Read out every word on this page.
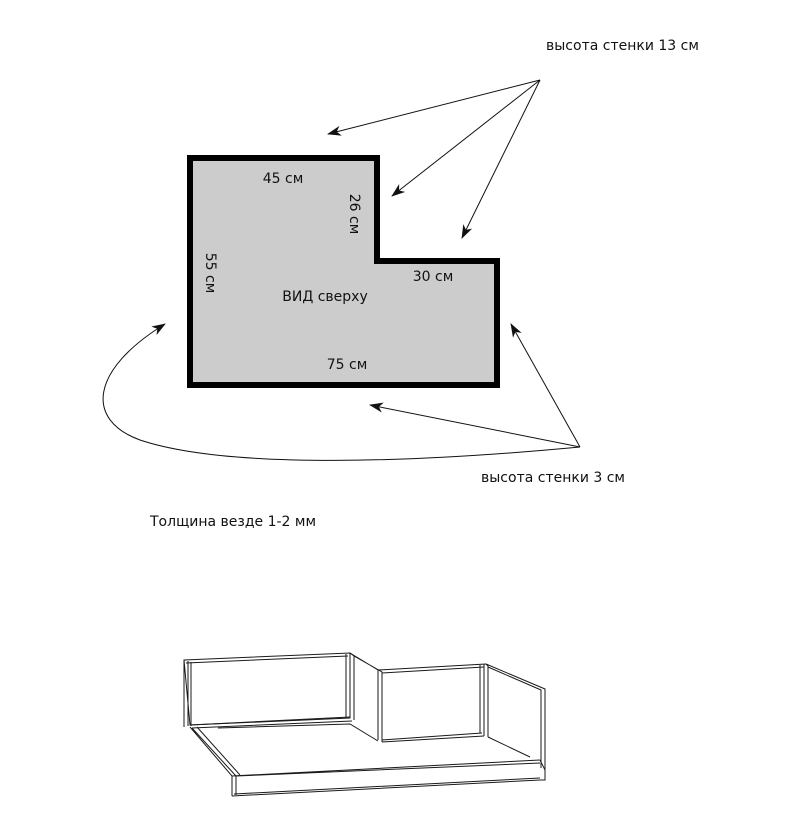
45 см
26 см
30 см
55 см
ВИД сверху
75 см
высота стенки 13 см
высота стенки 3 см
Толщина везде 1-2 мм
